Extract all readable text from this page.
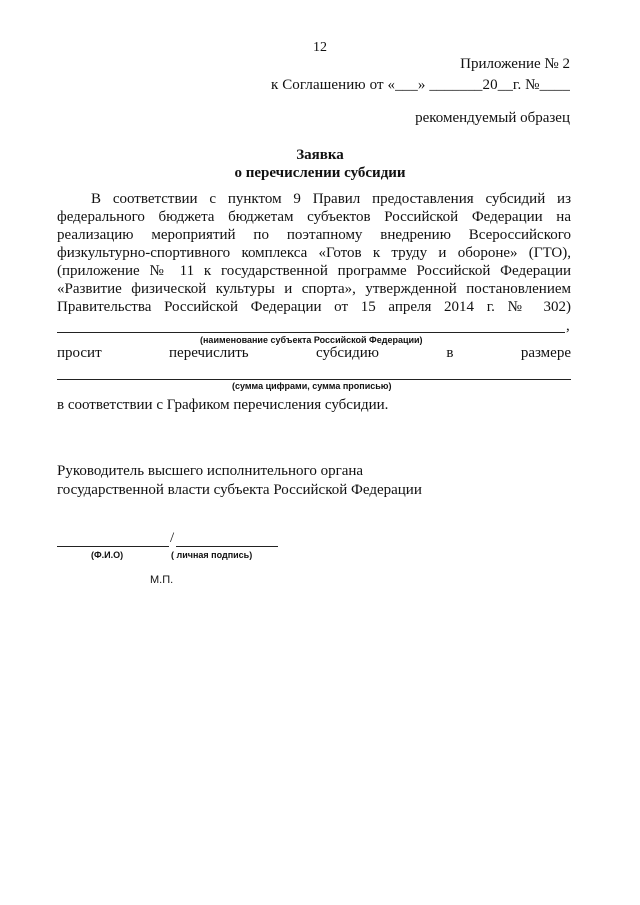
12
Приложение № 2
к Соглашению от «___» _______20__г. №____
рекомендуемый образец
Заявка
о перечислении субсидии
В соответствии с пунктом 9 Правил предоставления субсидий из федерального бюджета бюджетам субъектов Российской Федерации на реализацию мероприятий по поэтапному внедрению Всероссийского физкультурно-спортивного комплекса «Готов к труду и обороне» (ГТО), (приложение № 11 к государственной программе Российской Федерации «Развитие физической культуры и спорта», утвержденной постановлением Правительства Российской Федерации от 15 апреля 2014 г. № 302)
,
(наименование субъекта Российской Федерации)
просит	перечислить	субсидию	в	размере
(сумма цифрами, сумма прописью)
в соответствии с Графиком перечисления субсидии.
Руководитель высшего исполнительного органа
государственной власти субъекта Российской Федерации
/
(Ф.И.О)	( личная подпись)
М.П.
